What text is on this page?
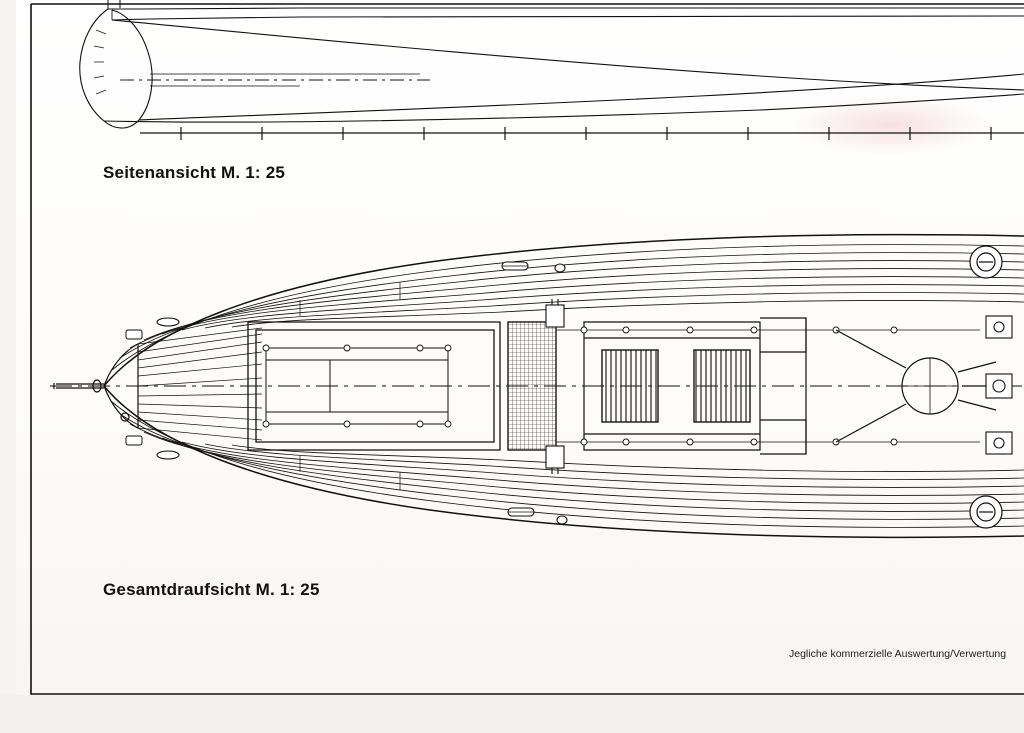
Seitenansicht M. 1: 25
Gesamtdraufsicht M. 1: 25
Jegliche kommerzielle Auswertung/Verwertung
